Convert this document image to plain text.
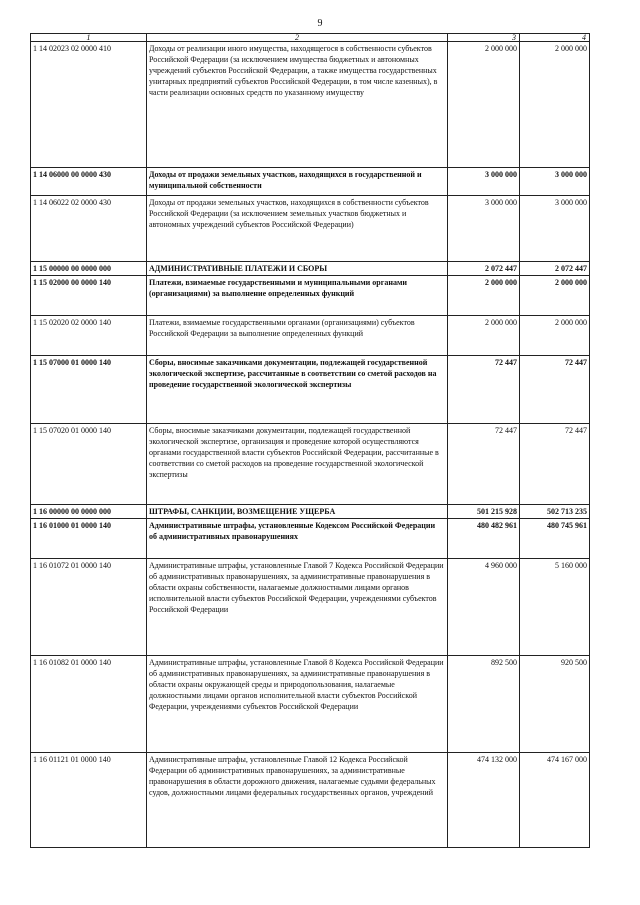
9
1	2	3	4
1 14 02023 02 0000 410	Доходы от реализации иного имущества, находящегося в собственности субъектов Российской Федерации (за исключением имущества бюджетных и автономных учреждений субъектов Российской Федерации, а также имущества государственных унитарных предприятий субъектов Российской Федерации, в том числе казенных), в части реализации основных средств по указанному имуществу	2 000 000	2 000 000
1 14 06000 00 0000 430	Доходы от продажи земельных участков, находящихся в государственной и муниципальной собственности	3 000 000	3 000 000
1 14 06022 02 0000 430	Доходы от продажи земельных участков, находящихся в собственности субъектов Российской Федерации (за исключением земельных участков бюджетных и автономных учреждений субъектов Российской Федерации)	3 000 000	3 000 000
1 15 00000 00 0000 000	АДМИНИСТРАТИВНЫЕ ПЛАТЕЖИ И СБОРЫ	2 072 447	2 072 447
1 15 02000 00 0000 140	Платежи, взимаемые государственными и муниципальными органами (организациями) за выполнение определенных функций	2 000 000	2 000 000
1 15 02020 02 0000 140	Платежи, взимаемые государственными органами (организациями) субъектов Российской Федерации за выполнение определенных функций	2 000 000	2 000 000
1 15 07000 01 0000 140	Сборы, вносимые заказчиками документации, подлежащей государственной экологической экспертизе, рассчитанные в соответствии со сметой расходов на проведение государственной экологической экспертизы	72 447	72 447
1 15 07020 01 0000 140	Сборы, вносимые заказчиками документации, подлежащей государственной экологической экспертизе, организация и проведение которой осуществляются органами государственной власти субъектов Российской Федерации, рассчитанные в соответствии со сметой расходов на проведение государственной экологической экспертизы	72 447	72 447
1 16 00000 00 0000 000	ШТРАФЫ, САНКЦИИ, ВОЗМЕЩЕНИЕ УЩЕРБА	501 215 928	502 713 235
1 16 01000 01 0000 140	Административные штрафы, установленные Кодексом Российской Федерации об административных правонарушениях	480 482 961	480 745 961
1 16 01072 01 0000 140	Административные штрафы, установленные Главой 7 Кодекса Российской Федерации об административных правонарушениях, за административные правонарушения в области охраны собственности, налагаемые должностными лицами органов исполнительной власти субъектов Российской Федерации, учреждениями субъектов Российской Федерации	4 960 000	5 160 000
1 16 01082 01 0000 140	Административные штрафы, установленные Главой 8 Кодекса Российской Федерации об административных правонарушениях, за административные правонарушения в области охраны окружающей среды и природопользования, налагаемые должностными лицами органов исполнительной власти субъектов Российской Федерации, учреждениями субъектов Российской Федерации	892 500	920 500
1 16 01121 01 0000 140	Административные штрафы, установленные Главой 12 Кодекса Российской Федерации об административных правонарушениях, за административные правонарушения в области дорожного движения, налагаемые судьями федеральных судов, должностными лицами федеральных государственных органов, учреждений	474 132 000	474 167 000
